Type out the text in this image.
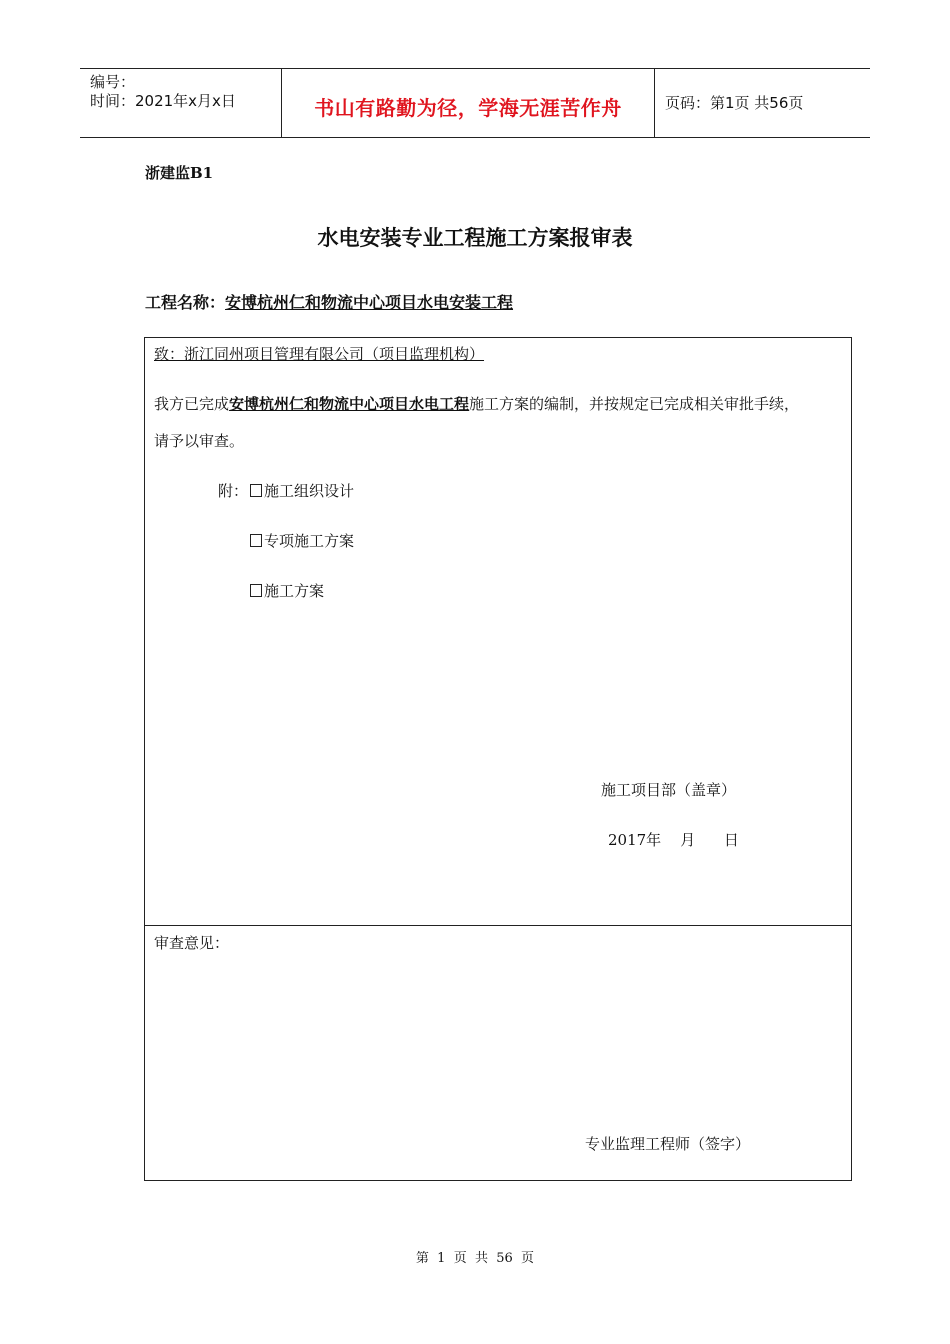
编号：
时间：2021年x月x日	书山有路勤为径，学海无涯苦作舟	页码：第1页 共56页
浙建监B1
水电安装专业工程施工方案报审表
工程名称：安博杭州仁和物流中心项目水电安装工程
致：浙江同州项目管理有限公司（项目监理机构）
我方已完成安博杭州仁和物流中心项目水电工程施工方案的编制，并按规定已完成相关审批手续，
请予以审查。
附：	施工组织设计
专项施工方案
施工方案
施工项目部（盖章）
2017年    月      日
审查意见：
专业监理工程师（签字）
第  1  页  共  56  页
